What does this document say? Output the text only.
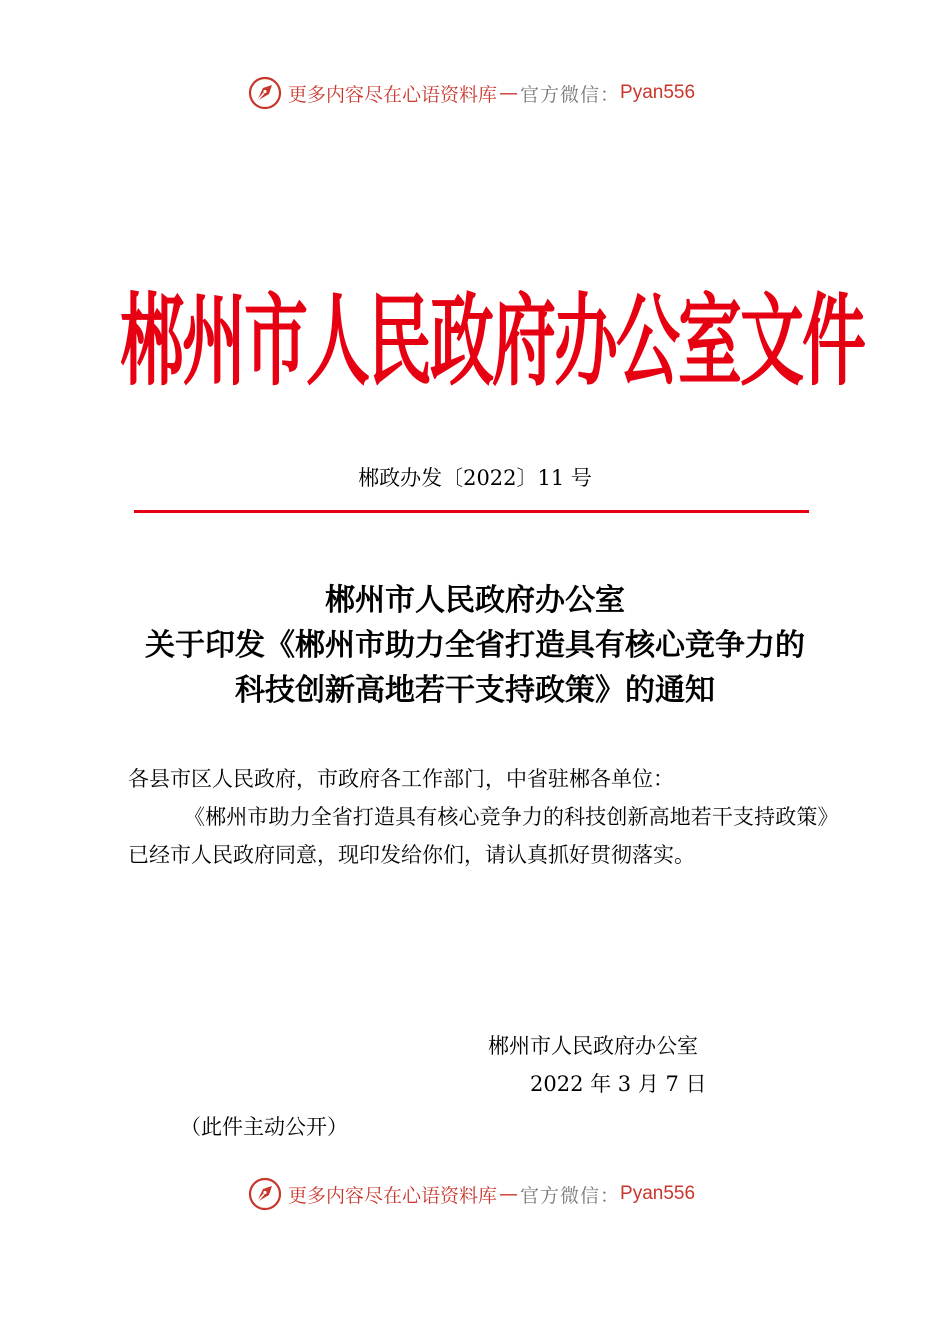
更多内容尽在心语资料库 — 官方微信： Pyan556
郴州市人民政府办公室文件
郴政办发〔2022〕11 号
郴州市人民政府办公室
关于印发《郴州市助力全省打造具有核心竞争力的
科技创新高地若干支持政策》的通知
各县市区人民政府，市政府各工作部门，中省驻郴各单位：
《郴州市助力全省打造具有核心竞争力的科技创新高地若干支持政策》已经市人民政府同意，现印发给你们，请认真抓好贯彻落实。
郴州市人民政府办公室
2022 年 3 月 7 日
（此件主动公开）
更多内容尽在心语资料库 — 官方微信： Pyan556
